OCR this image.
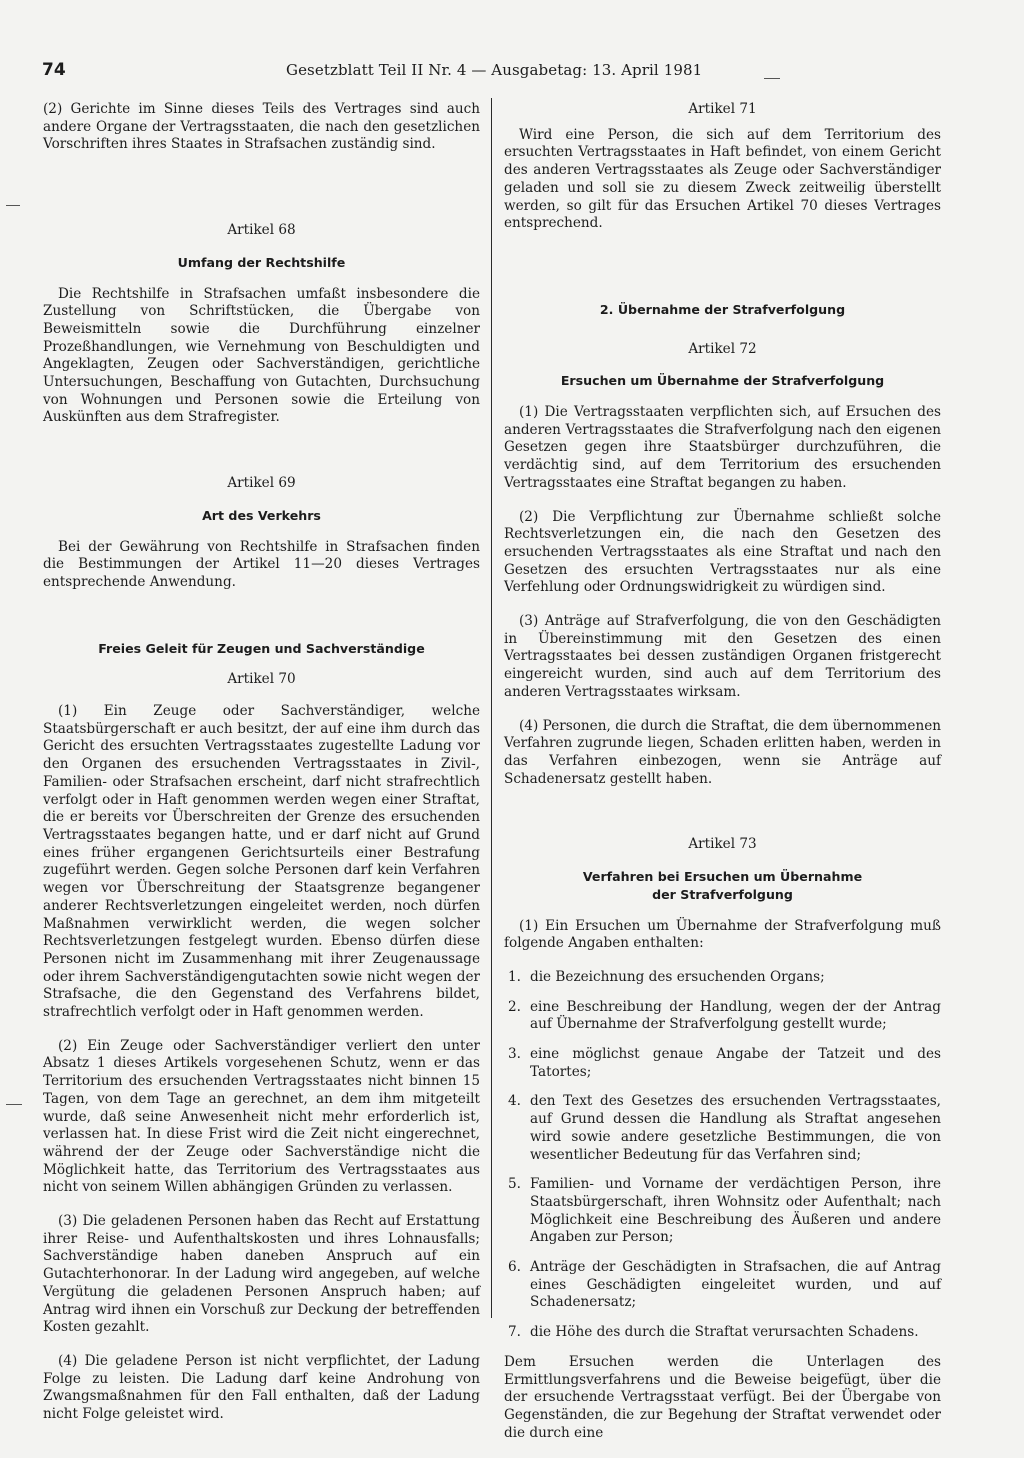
74	Gesetzblatt Teil II Nr. 4 — Ausgabetag: 13. April 1981

(2) Gerichte im Sinne dieses Teils des Vertrages sind auch andere Organe der Vertragsstaaten, die nach den gesetzlichen Vorschriften ihres Staates in Strafsachen zuständig sind.

Artikel 68
Umfang der Rechtshilfe

Die Rechtshilfe in Strafsachen umfaßt insbesondere die Zustellung von Schriftstücken, die Übergabe von Beweismitteln sowie die Durchführung einzelner Prozeßhandlungen, wie Vernehmung von Beschuldigten und Angeklagten, Zeugen oder Sachverständigen, gerichtliche Untersuchungen, Beschaffung von Gutachten, Durchsuchung von Wohnungen und Personen sowie die Erteilung von Auskünften aus dem Strafregister.

Artikel 69
Art des Verkehrs

Bei der Gewährung von Rechtshilfe in Strafsachen finden die Bestimmungen der Artikel 11—20 dieses Vertrages entsprechende Anwendung.

Freies Geleit für Zeugen und Sachverständige
Artikel 70

(1) Ein Zeuge oder Sachverständiger, welche Staatsbürgerschaft er auch besitzt, der auf eine ihm durch das Gericht des ersuchten Vertragsstaates zugestellte Ladung vor den Organen des ersuchenden Vertragsstaates in Zivil-, Familien- oder Strafsachen erscheint, darf nicht strafrechtlich verfolgt oder in Haft genommen werden wegen einer Straftat, die er bereits vor Überschreiten der Grenze des ersuchenden Vertragsstaates begangen hatte, und er darf nicht auf Grund eines früher ergangenen Gerichtsurteils einer Bestrafung zugeführt werden. Gegen solche Personen darf kein Verfahren wegen vor Überschreitung der Staatsgrenze begangener anderer Rechtsverletzungen eingeleitet werden, noch dürfen Maßnahmen verwirklicht werden, die wegen solcher Rechtsverletzungen festgelegt wurden. Ebenso dürfen diese Personen nicht im Zusammenhang mit ihrer Zeugenaussage oder ihrem Sachverständigengutachten sowie nicht wegen der Strafsache, die den Gegenstand des Verfahrens bildet, strafrechtlich verfolgt oder in Haft genommen werden.

(2) Ein Zeuge oder Sachverständiger verliert den unter Absatz 1 dieses Artikels vorgesehenen Schutz, wenn er das Territorium des ersuchenden Vertragsstaates nicht binnen 15 Tagen, von dem Tage an gerechnet, an dem ihm mitgeteilt wurde, daß seine Anwesenheit nicht mehr erforderlich ist, verlassen hat. In diese Frist wird die Zeit nicht eingerechnet, während der der Zeuge oder Sachverständige nicht die Möglichkeit hatte, das Territorium des Vertragsstaates aus nicht von seinem Willen abhängigen Gründen zu verlassen.

(3) Die geladenen Personen haben das Recht auf Erstattung ihrer Reise- und Aufenthaltskosten und ihres Lohnausfalls; Sachverständige haben daneben Anspruch auf ein Gutachterhonorar. In der Ladung wird angegeben, auf welche Vergütung die geladenen Personen Anspruch haben; auf Antrag wird ihnen ein Vorschuß zur Deckung der betreffenden Kosten gezahlt.

(4) Die geladene Person ist nicht verpflichtet, der Ladung Folge zu leisten. Die Ladung darf keine Androhung von Zwangsmaßnahmen für den Fall enthalten, daß der Ladung nicht Folge geleistet wird.

Artikel 71

Wird eine Person, die sich auf dem Territorium des ersuchten Vertragsstaates in Haft befindet, von einem Gericht des anderen Vertragsstaates als Zeuge oder Sachverständiger geladen und soll sie zu diesem Zweck zeitweilig überstellt werden, so gilt für das Ersuchen Artikel 70 dieses Vertrages entsprechend.

2. Übernahme der Strafverfolgung
Artikel 72
Ersuchen um Übernahme der Strafverfolgung

(1) Die Vertragsstaaten verpflichten sich, auf Ersuchen des anderen Vertragsstaates die Strafverfolgung nach den eigenen Gesetzen gegen ihre Staatsbürger durchzuführen, die verdächtig sind, auf dem Territorium des ersuchenden Vertragsstaates eine Straftat begangen zu haben.

(2) Die Verpflichtung zur Übernahme schließt solche Rechtsverletzungen ein, die nach den Gesetzen des ersuchenden Vertragsstaates als eine Straftat und nach den Gesetzen des ersuchten Vertragsstaates nur als eine Verfehlung oder Ordnungswidrigkeit zu würdigen sind.

(3) Anträge auf Strafverfolgung, die von den Geschädigten in Übereinstimmung mit den Gesetzen des einen Vertragsstaates bei dessen zuständigen Organen fristgerecht eingereicht wurden, sind auch auf dem Territorium des anderen Vertragsstaates wirksam.

(4) Personen, die durch die Straftat, die dem übernommenen Verfahren zugrunde liegen, Schaden erlitten haben, werden in das Verfahren einbezogen, wenn sie Anträge auf Schadenersatz gestellt haben.

Artikel 73
Verfahren bei Ersuchen um Übernahme
der Strafverfolgung

(1) Ein Ersuchen um Übernahme der Strafverfolgung muß folgende Angaben enthalten:

1. die Bezeichnung des ersuchenden Organs;
2. eine Beschreibung der Handlung, wegen der der Antrag auf Übernahme der Strafverfolgung gestellt wurde;
3. eine möglichst genaue Angabe der Tatzeit und des Tatortes;
4. den Text des Gesetzes des ersuchenden Vertragsstaates, auf Grund dessen die Handlung als Straftat angesehen wird sowie andere gesetzliche Bestimmungen, die von wesentlicher Bedeutung für das Verfahren sind;
5. Familien- und Vorname der verdächtigen Person, ihre Staatsbürgerschaft, ihren Wohnsitz oder Aufenthalt; nach Möglichkeit eine Beschreibung des Äußeren und andere Angaben zur Person;
6. Anträge der Geschädigten in Strafsachen, die auf Antrag eines Geschädigten eingeleitet wurden, und auf Schadenersatz;
7. die Höhe des durch die Straftat verursachten Schadens.

Dem Ersuchen werden die Unterlagen des Ermittlungsverfahrens und die Beweise beigefügt, über die der ersuchende Vertragsstaat verfügt. Bei der Übergabe von Gegenständen, die zur Begehung der Straftat verwendet oder die durch eine
